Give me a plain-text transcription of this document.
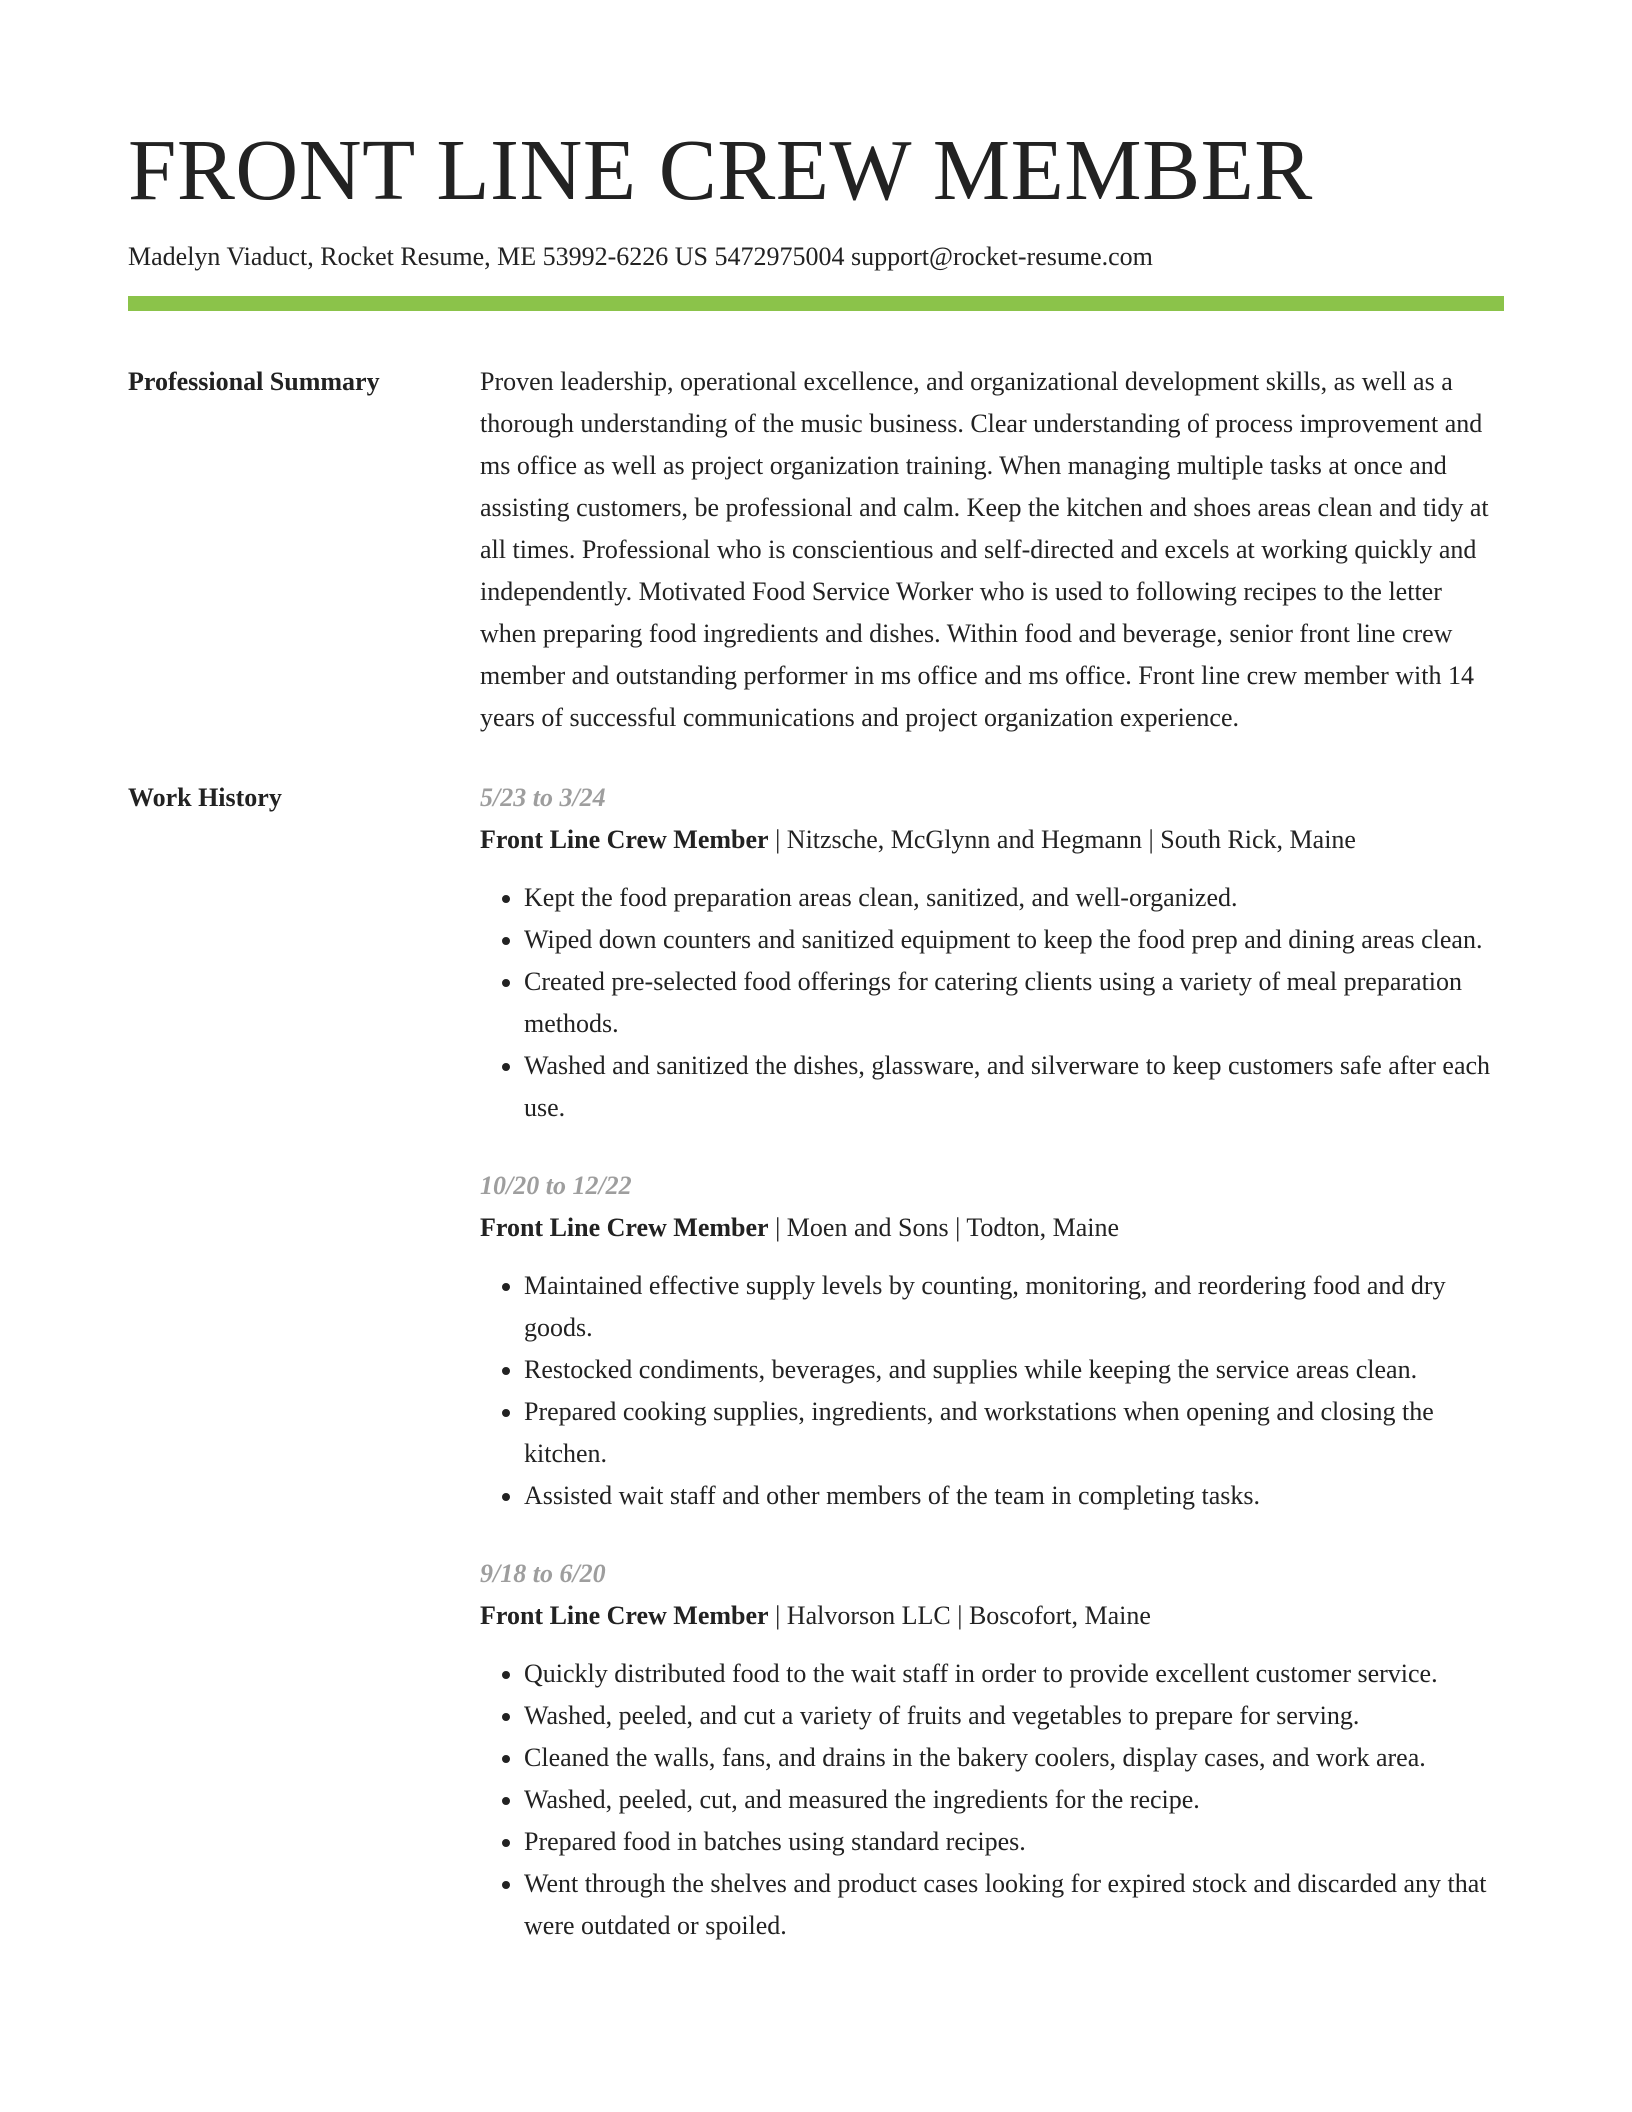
FRONT LINE CREW MEMBER
Madelyn Viaduct, Rocket Resume, ME 53992-6226 US 5472975004 support@rocket-resume.com
Professional Summary	Proven leadership, operational excellence, and organizational development skills, as well as a thorough understanding of the music business. Clear understanding of process improvement and ms office as well as project organization training. When managing multiple tasks at once and assisting customers, be professional and calm. Keep the kitchen and shoes areas clean and tidy at all times. Professional who is conscientious and self-directed and excels at working quickly and independently. Motivated Food Service Worker who is used to following recipes to the letter when preparing food ingredients and dishes. Within food and beverage, senior front line crew member and outstanding performer in ms office and ms office. Front line crew member with 14 years of successful communications and project organization experience.

Work History	5/23 to 3/24
Front Line Crew Member | Nitzsche, McGlynn and Hegmann | South Rick, Maine
• Kept the food preparation areas clean, sanitized, and well-organized.
• Wiped down counters and sanitized equipment to keep the food prep and dining areas clean.
• Created pre-selected food offerings for catering clients using a variety of meal preparation methods.
• Washed and sanitized the dishes, glassware, and silverware to keep customers safe after each use.
10/20 to 12/22
Front Line Crew Member | Moen and Sons | Todton, Maine
• Maintained effective supply levels by counting, monitoring, and reordering food and dry goods.
• Restocked condiments, beverages, and supplies while keeping the service areas clean.
• Prepared cooking supplies, ingredients, and workstations when opening and closing the kitchen.
• Assisted wait staff and other members of the team in completing tasks.
9/18 to 6/20
Front Line Crew Member | Halvorson LLC | Boscofort, Maine
• Quickly distributed food to the wait staff in order to provide excellent customer service.
• Washed, peeled, and cut a variety of fruits and vegetables to prepare for serving.
• Cleaned the walls, fans, and drains in the bakery coolers, display cases, and work area.
• Washed, peeled, cut, and measured the ingredients for the recipe.
• Prepared food in batches using standard recipes.
• Went through the shelves and product cases looking for expired stock and discarded any that were outdated or spoiled.
